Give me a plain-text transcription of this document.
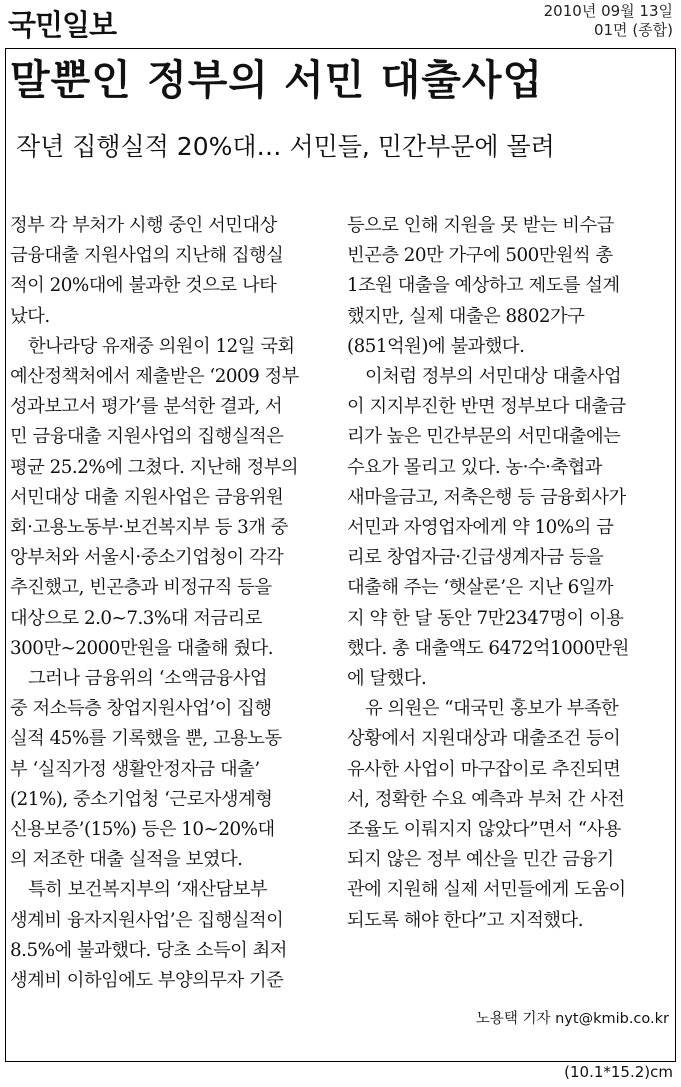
국민일보	2010년 09월 13일
01면 (종합)
말뿐인 정부의 서민 대출사업
작년 집행실적 20%대… 서민들, 민간부문에 몰려

정부 각 부처가 시행 중인 서민대상

금융대출 지원사업의 지난해 집행실

적이 20%대에 불과한 것으로 나타

났다.

한나라당 유재중 의원이 12일 국회

예산정책처에서 제출받은 ‘2009 정부

성과보고서 평가’를 분석한 결과, 서

민 금융대출 지원사업의 집행실적은

평균 25.2%에 그쳤다. 지난해 정부의

서민대상 대출 지원사업은 금융위원

회·고용노동부·보건복지부 등 3개 중

앙부처와 서울시·중소기업청이 각각

추진했고, 빈곤층과 비정규직 등을

대상으로 2.0∼7.3%대 저금리로

300만∼2000만원을 대출해 줬다.

그러나 금융위의 ‘소액금융사업

중 저소득층 창업지원사업’이 집행

실적 45%를 기록했을 뿐, 고용노동

부 ‘실직가정 생활안정자금 대출’

(21%), 중소기업청 ‘근로자생계형

신용보증’(15%) 등은 10∼20%대

의 저조한 대출 실적을 보였다.

특히 보건복지부의 ‘재산담보부

생계비 융자지원사업’은 집행실적이

8.5%에 불과했다. 당초 소득이 최저

생계비 이하임에도 부양의무자 기준

등으로 인해 지원을 못 받는 비수급

빈곤층 20만 가구에 500만원씩 총

1조원 대출을 예상하고 제도를 설계

했지만, 실제 대출은 8802가구

(851억원)에 불과했다.

이처럼 정부의 서민대상 대출사업

이 지지부진한 반면 정부보다 대출금

리가 높은 민간부문의 서민대출에는

수요가 몰리고 있다. 농·수·축협과

새마을금고, 저축은행 등 금융회사가

서민과 자영업자에게 약 10%의 금

리로 창업자금·긴급생계자금 등을

대출해 주는 ‘햇살론’은 지난 6일까

지 약 한 달 동안 7만2347명이 이용

했다. 총 대출액도 6472억1000만원

에 달했다.

유 의원은 “대국민 홍보가 부족한

상황에서 지원대상과 대출조건 등이

유사한 사업이 마구잡이로 추진되면

서, 정확한 수요 예측과 부처 간 사전

조율도 이뤄지지 않았다”면서 “사용

되지 않은 정부 예산을 민간 금융기

관에 지원해 실제 서민들에게 도움이

되도록 해야 한다”고 지적했다.

노용택 기자 nyt@kmib.co.kr
(10.1*15.2)cm
